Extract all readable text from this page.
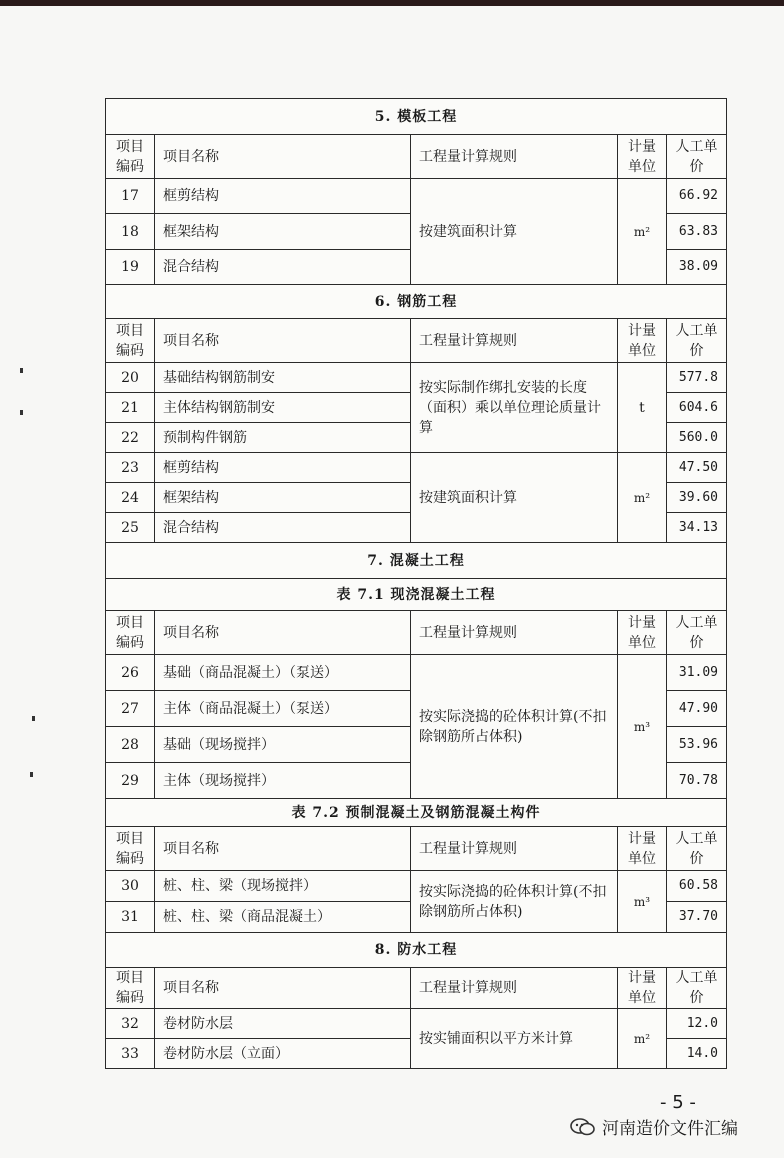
5. 模板工程				
项目编码	项目名称	工程量计算规则	计量单位	人工单价
17	框剪结构	按建筑面积计算	m²	66.92
18	框架结构			63.83
19	混合结构			38.09
6. 钢筋工程				
项目编码	项目名称	工程量计算规则	计量单位	人工单价
20	基础结构钢筋制安	按实际制作绑扎安装的长度（面积）乘以单位理论质量计算	t	577.8
21	主体结构钢筋制安			604.6
22	预制构件钢筋			560.0
23	框剪结构	按建筑面积计算	m²	47.50
24	框架结构			39.60
25	混合结构			34.13
7. 混凝土工程				
表 7.1 现浇混凝土工程				
项目编码	项目名称	工程量计算规则	计量单位	人工单价
26	基础（商品混凝土）（泵送）	按实际浇捣的砼体积计算(不扣除钢筋所占体积)	m³	31.09
27	主体（商品混凝土）（泵送）			47.90
28	基础（现场搅拌）			53.96
29	主体（现场搅拌）			70.78
表 7.2 预制混凝土及钢筋混凝土构件				
项目编码	项目名称	工程量计算规则	计量单位	人工单价
30	桩、柱、梁（现场搅拌）	按实际浇捣的砼体积计算(不扣除钢筋所占体积)	m³	60.58
31	桩、柱、梁（商品混凝土）			37.70
8. 防水工程				
项目编码	项目名称	工程量计算规则	计量单位	人工单价
32	卷材防水层	按实铺面积以平方米计算	m²	12.0
33	卷材防水层（立面）			14.0
- 5 -
河南造价文件汇编
